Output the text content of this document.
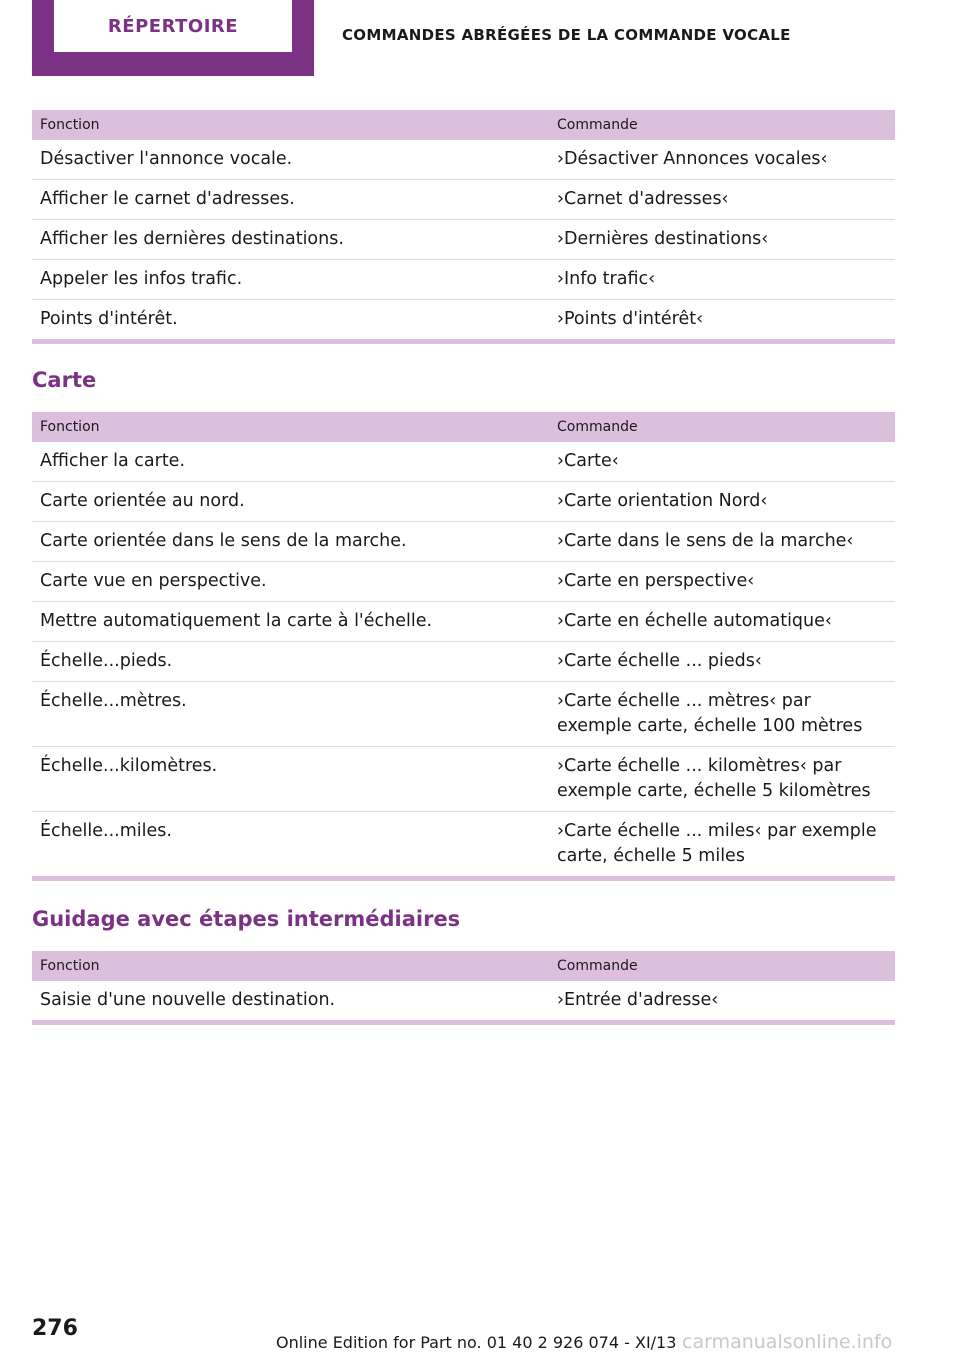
RÉPERTOIRE	COMMANDES ABRÉGÉES DE LA COMMANDE VOCALE
Fonction	Commande
Désactiver l'annonce vocale.	›Désactiver Annonces vocales‹
Afficher le carnet d'adresses.	›Carnet d'adresses‹
Afficher les dernières destinations.	›Dernières destinations‹
Appeler les infos trafic.	›Info trafic‹
Points d'intérêt.	›Points d'intérêt‹
Carte
Fonction	Commande
Afficher la carte.	›Carte‹
Carte orientée au nord.	›Carte orientation Nord‹
Carte orientée dans le sens de la marche.	›Carte dans le sens de la marche‹
Carte vue en perspective.	›Carte en perspective‹
Mettre automatiquement la carte à l'échelle.	›Carte en échelle automatique‹
Échelle...pieds.	›Carte échelle ... pieds‹
Échelle...mètres.	›Carte échelle ... mètres‹ par exemple carte, échelle 100 mètres
Échelle...kilomètres.	›Carte échelle ... kilomètres‹ par exemple carte, échelle 5 kilomètres
Échelle...miles.	›Carte échelle ... miles‹ par exemple carte, échelle 5 miles
Guidage avec étapes intermédiaires
Fonction	Commande
Saisie d'une nouvelle destination.	›Entrée d'adresse‹
276
Online Edition for Part no. 01 40 2 926 074 - XI/13 carmanualsonline.info
